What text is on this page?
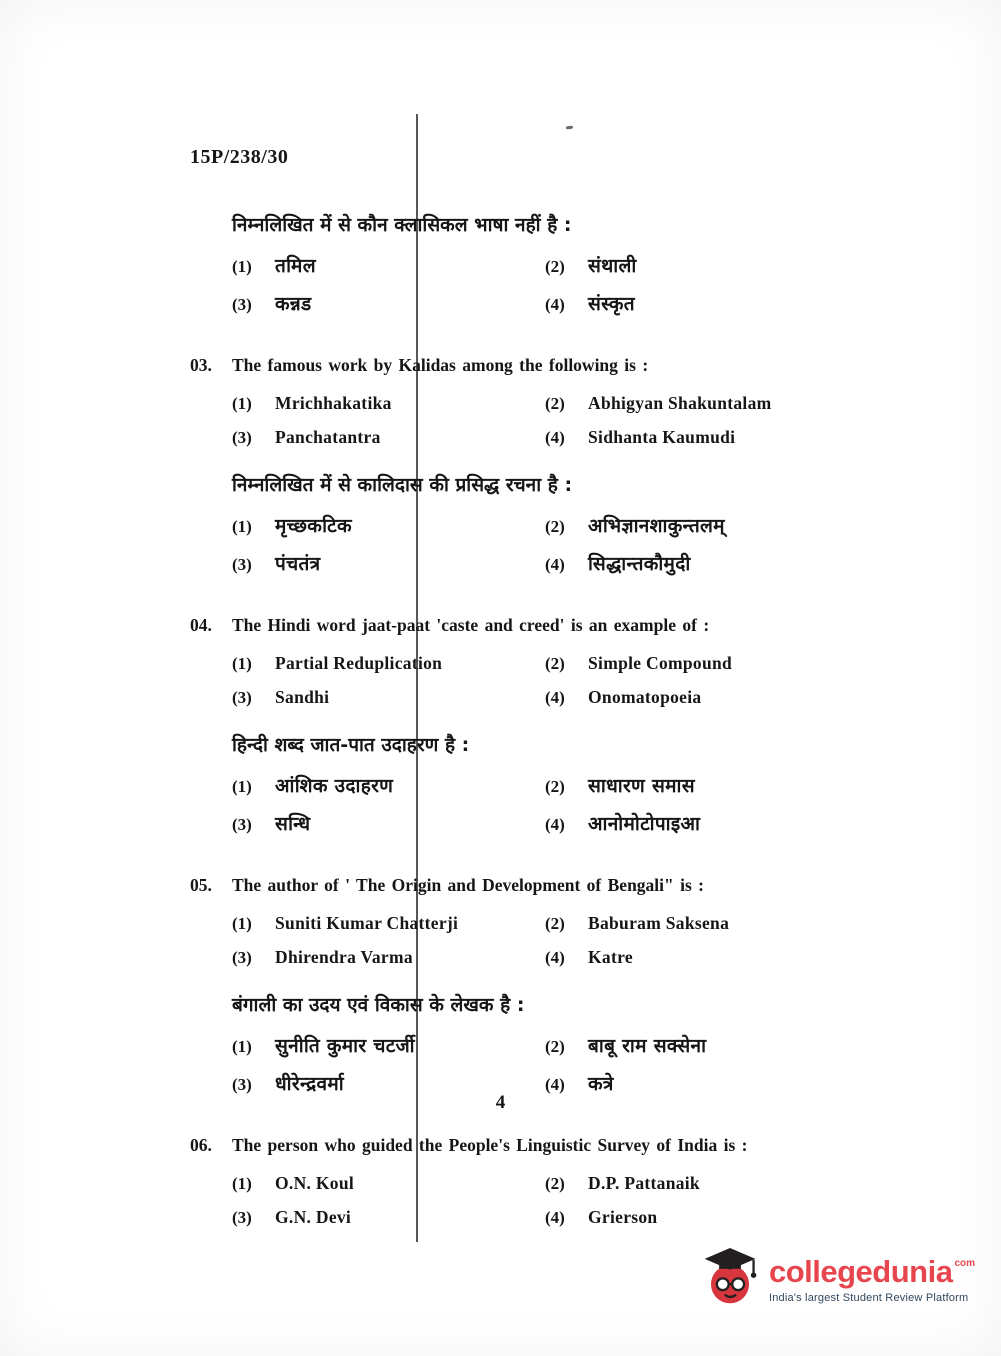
15P/238/30
निम्नलिखित में से कौन क्लासिकल भाषा नहीं है :
(1)	तमिल	(2)	संथाली
(3)	कन्नड	(4)	संस्कृत
03.	The famous work by Kalidas among the following is :
(1)	Mrichhakatika	(2)	Abhigyan Shakuntalam
(3)	Panchatantra	(4)	Sidhanta Kaumudi
निम्नलिखित में से कालिदास की प्रसिद्ध रचना है :
(1)	मृच्छकटिक	(2)	अभिज्ञानशाकुन्तलम्
(3)	पंचतंत्र	(4)	सिद्धान्तकौमुदी
04.	The Hindi word jaat-paat 'caste and creed' is an example of :
(1)	Partial Reduplication	(2)	Simple Compound
(3)	Sandhi	(4)	Onomatopoeia
हिन्दी शब्द जात-पात उदाहरण है :
(1)	आंशिक उदाहरण	(2)	साधारण समास
(3)	सन्धि	(4)	आनोमोटोपाइआ
05.	The author of ' The Origin and Development of Bengali" is :
(1)	Suniti Kumar Chatterji	(2)	Baburam Saksena
(3)	Dhirendra Varma	(4)	Katre
बंगाली का उदय एवं विकास के लेखक है :
(1)	सुनीति कुमार चटर्जी	(2)	बाबू राम सक्सेना
(3)	धीरेन्द्रवर्मा	(4)	कत्रे
06.	The person who guided the People's Linguistic Survey of India is :
(1)	O.N. Koul	(2)	D.P. Pattanaik
(3)	G.N. Devi	(4)	Grierson
4
collegedunia com
India's largest Student Review Platform
